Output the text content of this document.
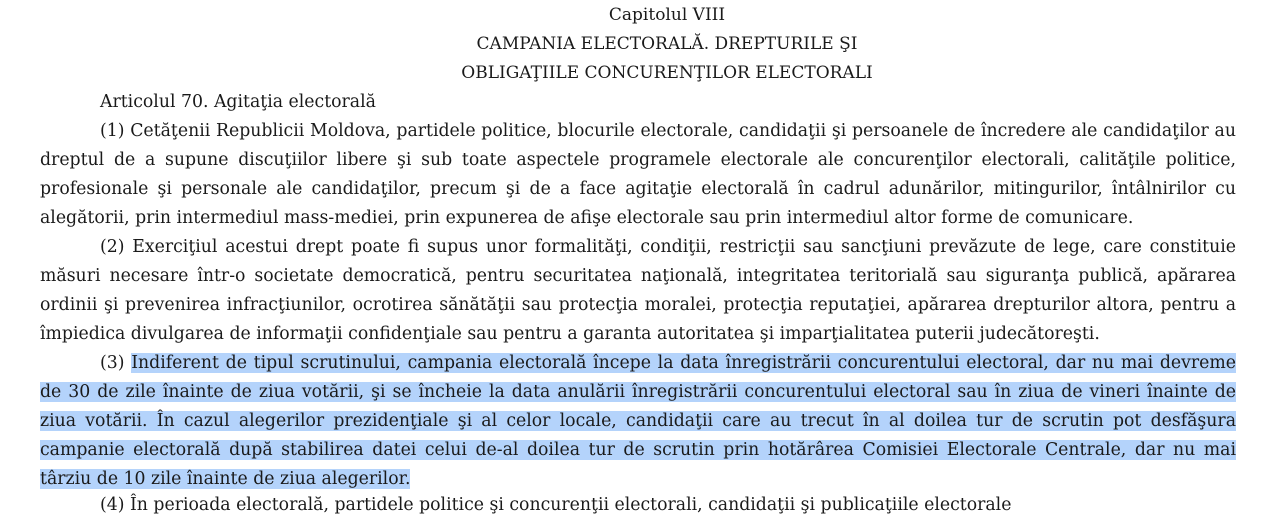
Capitolul VIII
CAMPANIA ELECTORALĂ. DREPTURILE ŞI
OBLIGAŢIILE CONCURENŢILOR ELECTORALI

Articolul 70. Agitaţia electorală

(1) Cetăţenii Republicii Moldova, partidele politice, blocurile electorale, candidaţii şi persoanele de încredere ale candidaţilor au dreptul de a supune discuţiilor libere şi sub toate aspectele programele electorale ale concurenţilor electorali, calităţile politice, profesionale şi personale ale candidaţilor, precum şi de a face agitaţie electorală în cadrul adunărilor, mitingurilor, întâlnirilor cu alegătorii, prin intermediul mass-mediei, prin expunerea de afişe electorale sau prin intermediul altor forme de comunicare.

(2) Exerciţiul acestui drept poate fi supus unor formalităţi, condiţii, restricţii sau sancţiuni prevăzute de lege, care constituie măsuri necesare într-o societate democratică, pentru securitatea naţională, integritatea teritorială sau siguranţa publică, apărarea ordinii şi prevenirea infracţiunilor, ocrotirea sănătăţii sau protecţia moralei, protecţia reputaţiei, apărarea drepturilor altora, pentru a împiedica divulgarea de informaţii confidenţiale sau pentru a garanta autoritatea şi imparţialitatea puterii judecătoreşti.

(3) Indiferent de tipul scrutinului, campania electorală începe la data înregistrării concurentului electoral, dar nu mai devreme de 30 de zile înainte de ziua votării, şi se încheie la data anulării înregistrării concurentului electoral sau în ziua de vineri înainte de ziua votării. În cazul alegerilor prezidenţiale şi al celor locale, candidaţii care au trecut în al doilea tur de scrutin pot desfăşura campanie electorală după stabilirea datei celui de-al doilea tur de scrutin prin hotărârea Comisiei Electorale Centrale, dar nu mai târziu de 10 zile înainte de ziua alegerilor.

(4) În perioada electorală, partidele politice şi concurenţii electorali, candidaţii şi publicaţiile electorale
